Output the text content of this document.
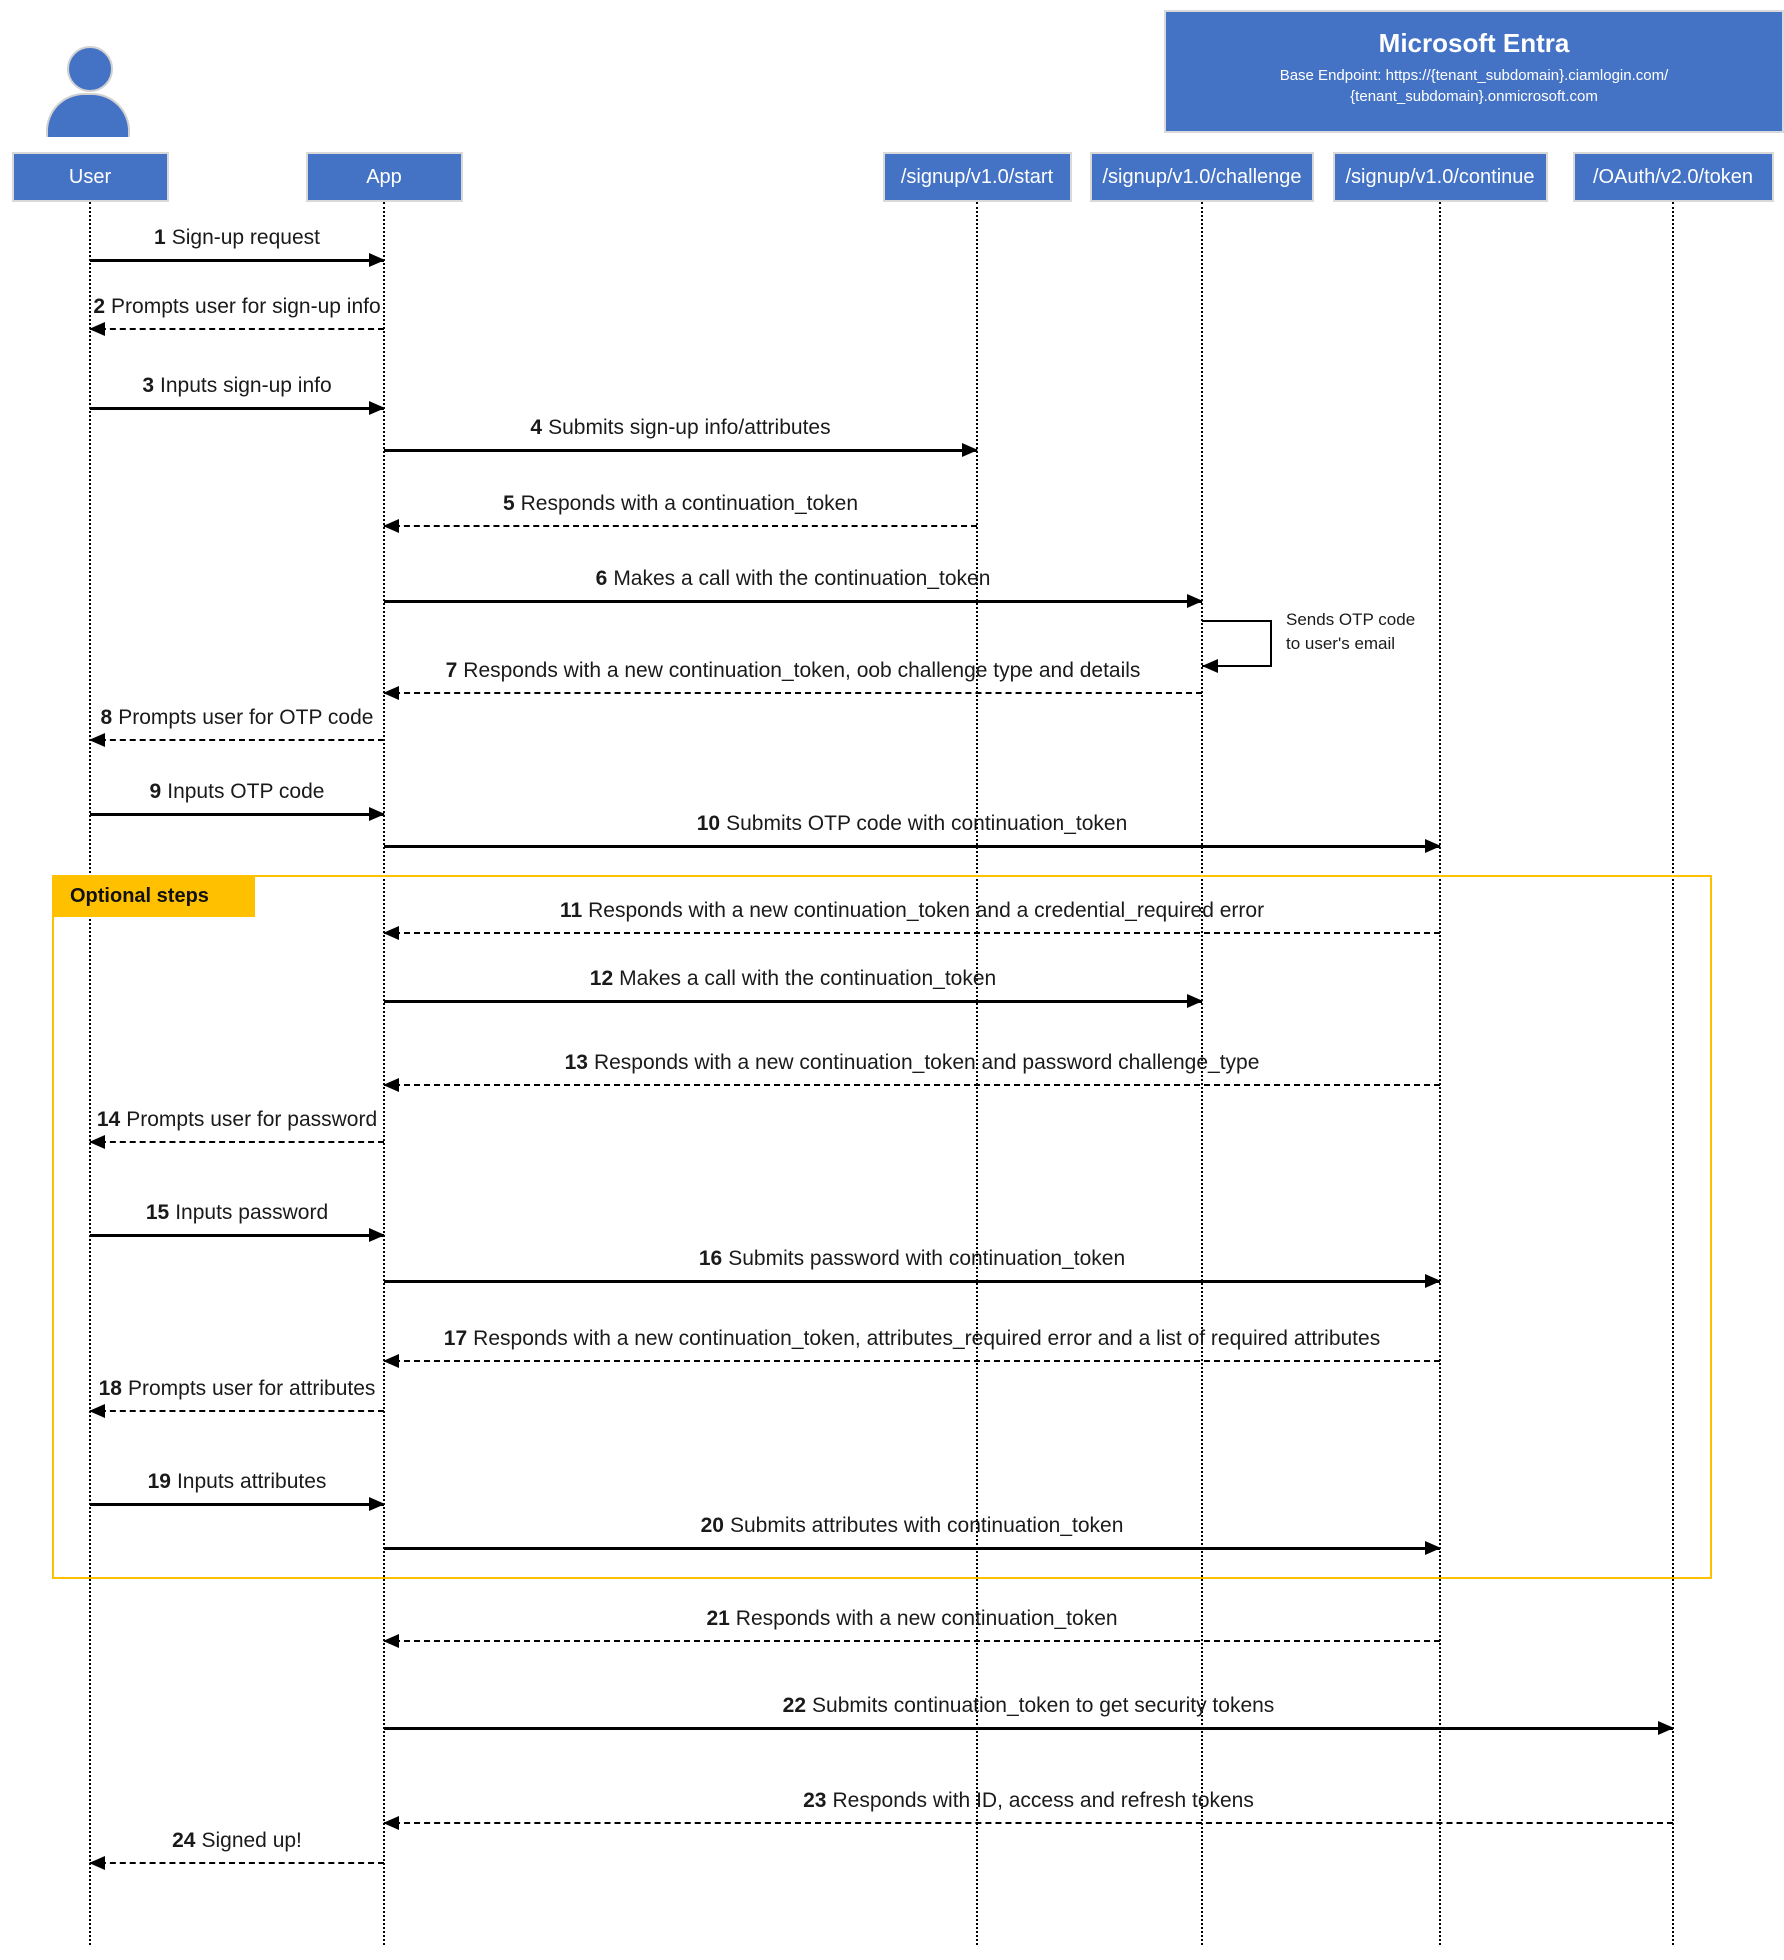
Microsoft Entra
Base Endpoint: https://{tenant_subdomain}.ciamlogin.com/
{tenant_subdomain}.onmicrosoft.com
User	App	/signup/v1.0/start /signup/v1.0/challenge /signup/v1.0/continue	/OAuth/v2.0/token
Optional steps
1 Sign-up request
2 Prompts user for sign-up info
3 Inputs sign-up info
4 Submits sign-up info/attributes
5 Responds with a continuation_token
6 Makes a call with the continuation_token
7 Responds with a new continuation_token, oob challenge type and details
8 Prompts user for OTP code
9 Inputs OTP code
10 Submits OTP code with continuation_token
11 Responds with a new continuation_token and a credential_required error
12 Makes a call with the continuation_token
13 Responds with a new continuation_token and password challenge_type
14 Prompts user for password
15 Inputs password
16 Submits password with continuation_token
17 Responds with a new continuation_token, attributes_required error and a list of required attributes
18 Prompts user for attributes
19 Inputs attributes
20 Submits attributes with continuation_token
21 Responds with a new continuation_token
22 Submits continuation_token to get security tokens
23 Responds with ID, access and refresh tokens
24 Signed up!
Sends OTP code
to user's email
